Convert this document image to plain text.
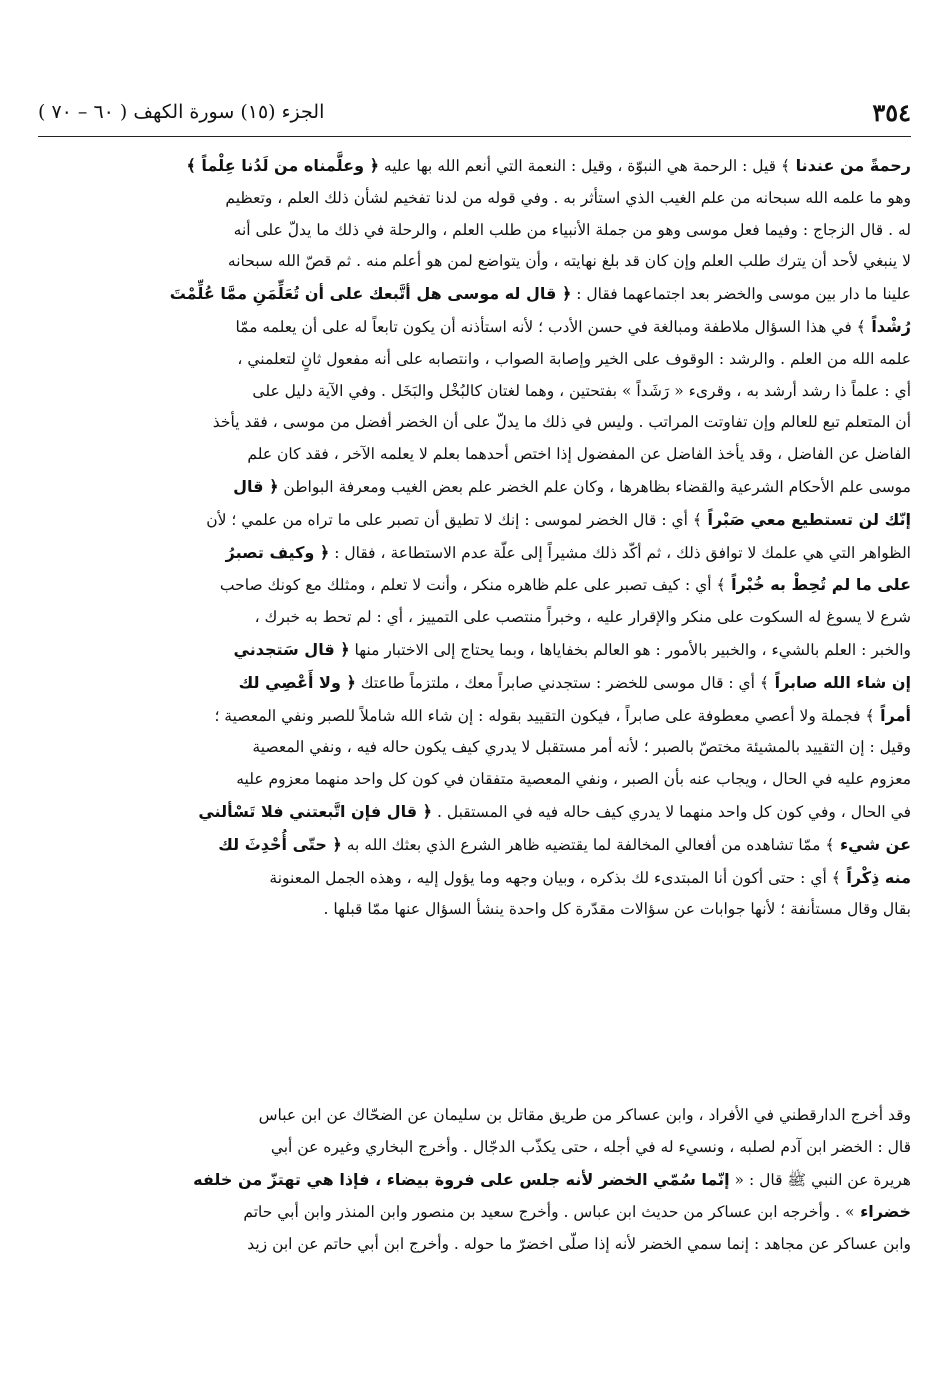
٣٥٤
الجزء (١٥) سورة الكهف ( ٦٠ – ٧٠ )
رحمةً من عندنا ﴾ قيل : الرحمة هي النبوّة ، وقيل : النعمة التي أنعم الله بها عليه ﴿ وعلَّمناه من لَدُنا عِلْماً ﴾
وهو ما علمه الله سبحانه من علم الغيب الذي استأثر به . وفي قوله من لدنا تفخيم لشأن ذلك العلم ، وتعظيم
له . قال الزجاج : وفيما فعل موسى وهو من جملة الأنبياء من طلب العلم ، والرحلة في ذلك ما يدلّ على أنه
لا ينبغي لأحد أن يترك طلب العلم وإن كان قد بلغ نهايته ، وأن يتواضع لمن هو أعلم منه . ثم قصّ الله سبحانه
علينا ما دار بين موسى والخضر بعد اجتماعهما فقال : ﴿ قال له موسى هل أتَّبعك على أن تُعَلِّمَنِ ممَّا عُلِّمْتَ
رُشْداً ﴾ في هذا السؤال ملاطفة ومبالغة في حسن الأدب ؛ لأنه استأذنه أن يكون تابعاً له على أن يعلمه ممّا
علمه الله من العلم . والرشد : الوقوف على الخير وإصابة الصواب ، وانتصابه على أنه مفعول ثانٍ لتعلمني ،
أي : علماً ذا رشد أرشد به ، وقرىء « رَشَداً » بفتحتين ، وهما لغتان كالبُخْل والبَخَل . وفي الآية دليل على
أن المتعلم تبع للعالم وإن تفاوتت المراتب . وليس في ذلك ما يدلّ على أن الخضر أفضل من موسى ، فقد يأخذ
الفاضل عن الفاضل ، وقد يأخذ الفاضل عن المفضول إذا اختص أحدهما بعلم لا يعلمه الآخر ، فقد كان علم
موسى علم الأحكام الشرعية والقضاء بظاهرها ، وكان علم الخضر علم بعض الغيب ومعرفة البواطن ﴿ قال
إنّك لن تستطيع معي صَبْراً ﴾ أي : قال الخضر لموسى : إنك لا تطيق أن تصبر على ما تراه من علمي ؛ لأن
الظواهر التي هي علمك لا توافق ذلك ، ثم أكّد ذلك مشيراً إلى علّة عدم الاستطاعة ، فقال : ﴿ وكيف تصبرُ
على ما لم تُحِطْ به خُبْراً ﴾ أي : كيف تصبر على علم ظاهره منكر ، وأنت لا تعلم ، ومثلك مع كونك صاحب
شرع لا يسوغ له السكوت على منكر والإقرار عليه ، وخبراً منتصب على التمييز ، أي : لم تحط به خبرك ،
والخبر : العلم بالشيء ، والخبير بالأمور : هو العالم بخفاياها ، وبما يحتاج إلى الاختبار منها ﴿ قال سَتجدني
إن شاء الله صابراً ﴾ أي : قال موسى للخضر : ستجدني صابراً معك ، ملتزماً طاعتك ﴿ ولا أَعْصِي لك
أمراً ﴾ فجملة ولا أعصي معطوفة على صابراً ، فيكون التقييد بقوله : إن شاء الله شاملاً للصبر ونفي المعصية ؛
وقيل : إن التقييد بالمشيئة مختصّ بالصبر ؛ لأنه أمر مستقبل لا يدري كيف يكون حاله فيه ، ونفي المعصية
معزوم عليه في الحال ، ويجاب عنه بأن الصبر ، ونفي المعصية متفقان في كون كل واحد منهما معزوم عليه
في الحال ، وفي كون كل واحد منهما لا يدري كيف حاله فيه في المستقبل . ﴿ قال فإن اتَّبعتني فلا تَسْألني
عن شيء ﴾ ممّا تشاهده من أفعالي المخالفة لما يقتضيه ظاهر الشرع الذي بعثك الله به ﴿ حتّى أُحْدِثَ لك
منه ذِكْراً ﴾ أي : حتى أكون أنا المبتدىء لك بذكره ، وبيان وجهه وما يؤول إليه ، وهذه الجمل المعنونة
بقال وقال مستأنفة ؛ لأنها جوابات عن سؤالات مقدّرة كل واحدة ينشأ السؤال عنها ممّا قبلها .
وقد أخرج الدارقطني في الأفراد ، وابن عساكر من طريق مقاتل بن سليمان عن الضحّاك عن ابن عباس
قال : الخضر ابن آدم لصلبه ، ونسيء له في أجله ، حتى يكذّب الدجّال . وأخرج البخاري وغيره عن أبي
هريرة عن النبي ﷺ قال : « إنّما سُمّي الخضر لأنه جلس على فروة بيضاء ، فإذا هي تهتزّ من خلفه
خضراء » . وأخرجه ابن عساكر من حديث ابن عباس . وأخرج سعيد بن منصور وابن المنذر وابن أبي حاتم
وابن عساكر عن مجاهد : إنما سمي الخضر لأنه إذا صلّى اخضرّ ما حوله . وأخرج ابن أبي حاتم عن ابن زيد
